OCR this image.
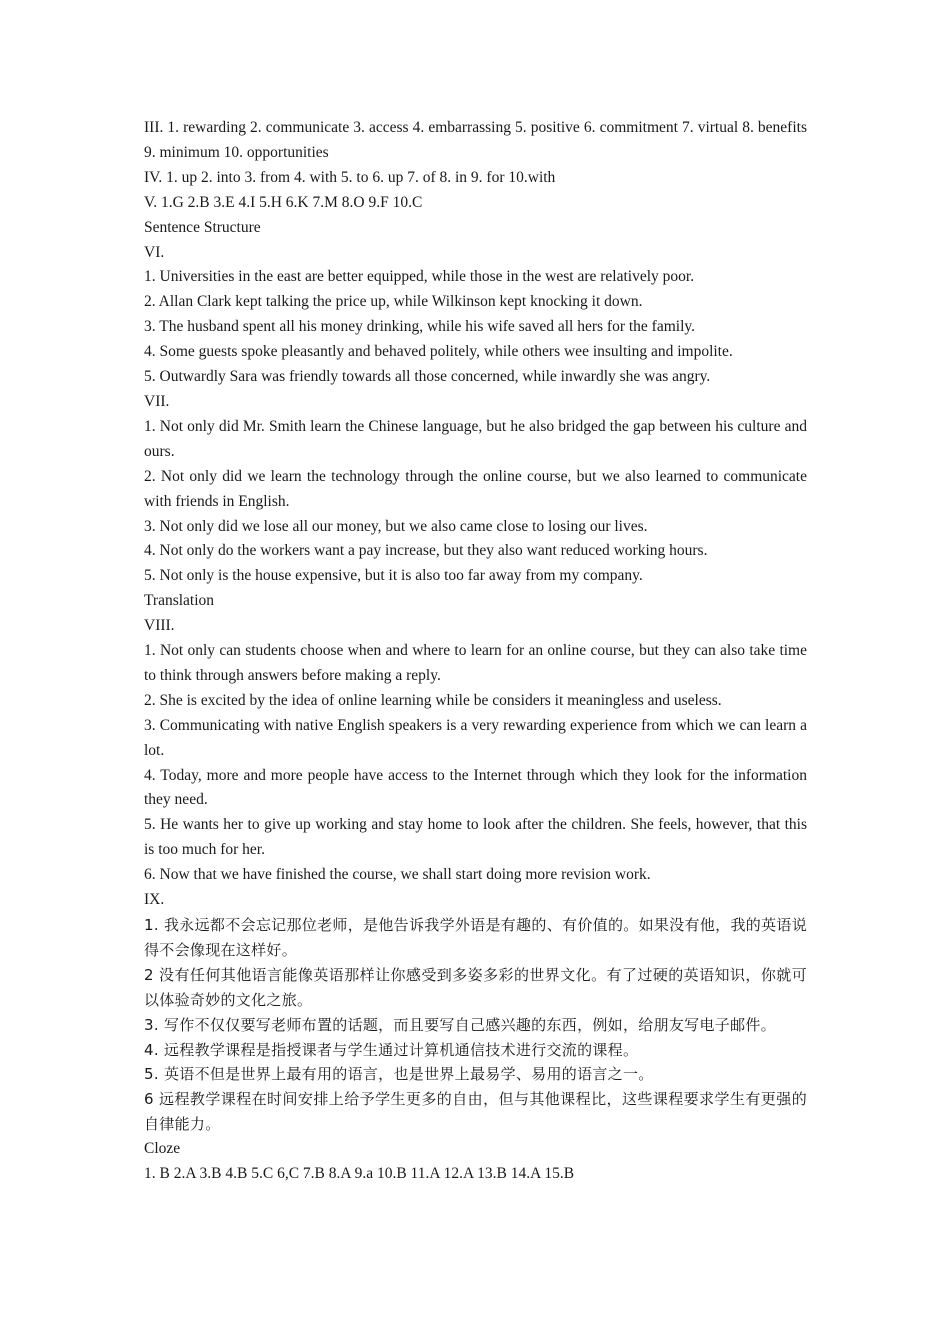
III. 1. rewarding 2. communicate 3. access 4. embarrassing 5. positive 6. commitment 7. virtual 8. benefits 9. minimum 10. opportunities

IV. 1. up 2. into 3. from 4. with 5. to 6. up 7. of 8. in 9. for 10.with

V. 1.G 2.B 3.E 4.I 5.H 6.K 7.M 8.O 9.F 10.C

Sentence Structure

VI.

1. Universities in the east are better equipped, while those in the west are relatively poor.

2. Allan Clark kept talking the price up, while Wilkinson kept knocking it down.

3. The husband spent all his money drinking, while his wife saved all hers for the family.

4. Some guests spoke pleasantly and behaved politely, while others wee insulting and impolite.

5. Outwardly Sara was friendly towards all those concerned, while inwardly she was angry.

VII.

1. Not only did Mr. Smith learn the Chinese language, but he also bridged the gap between his culture and ours.

2. Not only did we learn the technology through the online course, but we also learned to communicate with friends in English.

3. Not only did we lose all our money, but we also came close to losing our lives.

4. Not only do the workers want a pay increase, but they also want reduced working hours.

5. Not only is the house expensive, but it is also too far away from my company.

Translation

VIII.

1. Not only can students choose when and where to learn for an online course, but they can also take time to think through answers before making a reply.

2. She is excited by the idea of online learning while be considers it meaningless and useless.

3. Communicating with native English speakers is a very rewarding experience from which we can learn a lot.

4. Today, more and more people have access to the Internet through which they look for the information they need.

5. He wants her to give up working and stay home to look after the children. She feels, however, that this is too much for her.

6. Now that we have finished the course, we shall start doing more revision work.

IX.

1. 我永远都不会忘记那位老师，是他告诉我学外语是有趣的、有价值的。如果没有他，我的英语说得不会像现在这样好。

2 没有任何其他语言能像英语那样让你感受到多姿多彩的世界文化。有了过硬的英语知识，你就可以体验奇妙的文化之旅。

3. 写作不仅仅要写老师布置的话题，而且要写自己感兴趣的东西，例如，给朋友写电子邮件。

4. 远程教学课程是指授课者与学生通过计算机通信技术进行交流的课程。

5. 英语不但是世界上最有用的语言，也是世界上最易学、易用的语言之一。

6 远程教学课程在时间安排上给予学生更多的自由，但与其他课程比，这些课程要求学生有更强的自律能力。

Cloze

1. B 2.A 3.B 4.B 5.C 6,C 7.B 8.A 9.a 10.B 11.A 12.A 13.B 14.A 15.B
